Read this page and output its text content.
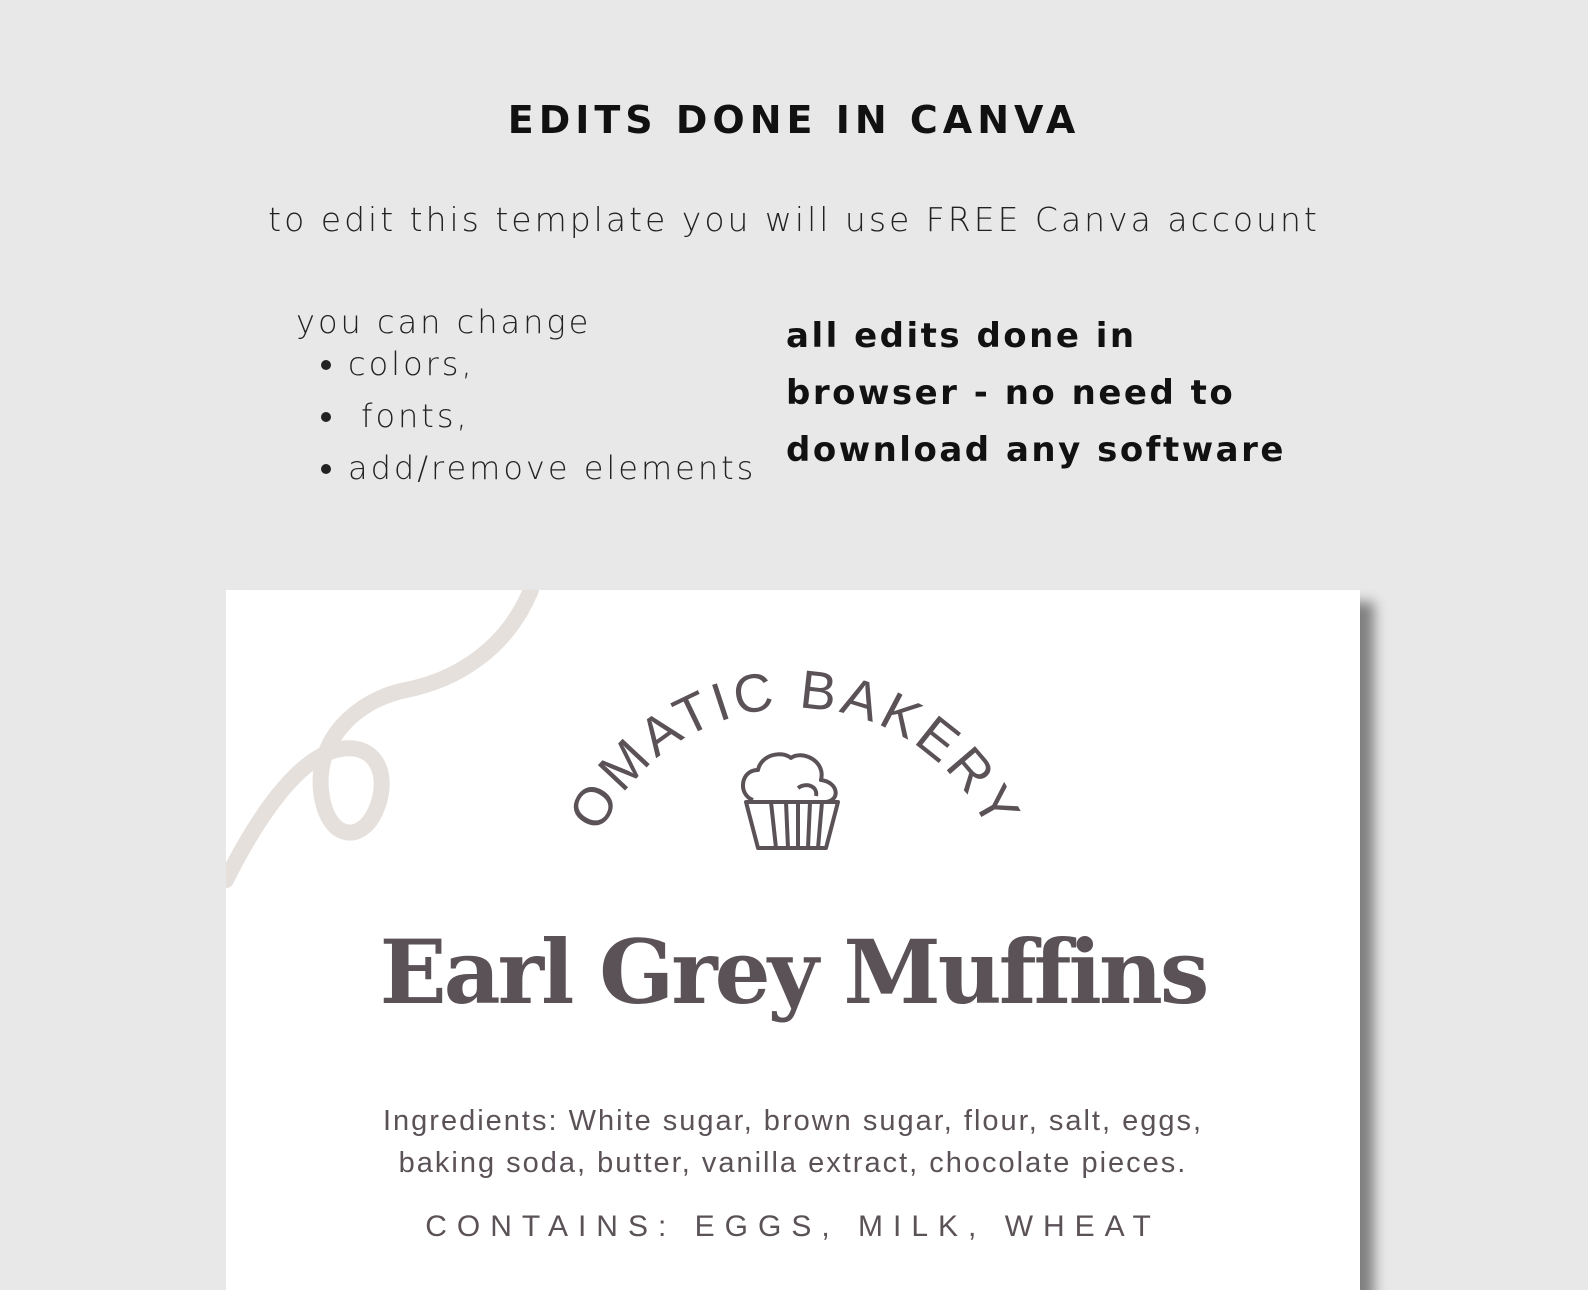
EDITS DONE IN CANVA
to edit this template you will use FREE Canva account
you can change
• colors,
•  fonts,
• add/remove elements
all edits done in browser - no need to download any software
OMATIC BAKERY
Earl Grey Muffins
Ingredients: White sugar, brown sugar, flour, salt, eggs,
baking soda, butter, vanilla extract, chocolate pieces.
CONTAINS: EGGS, MILK, WHEAT
